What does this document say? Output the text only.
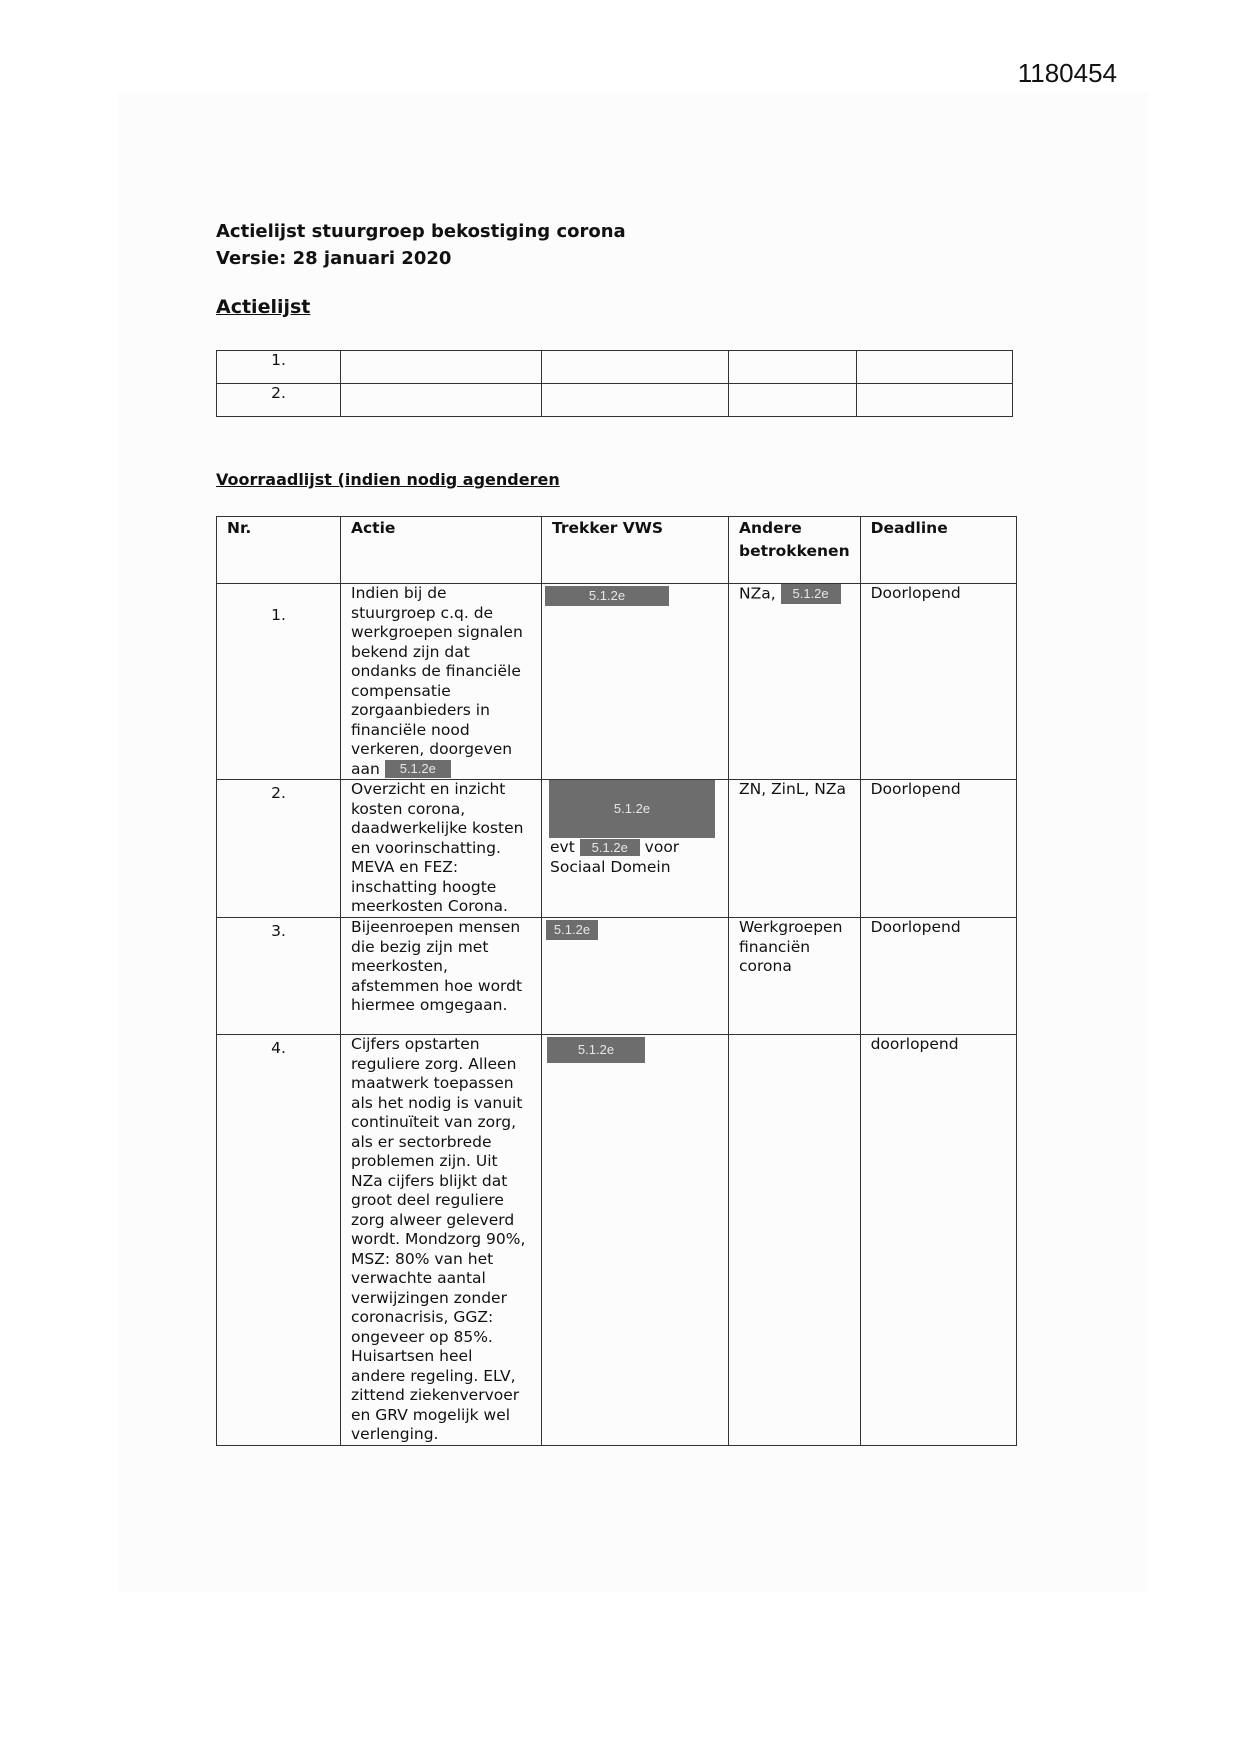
1180454
Actielijst stuurgroep bekostiging corona
Versie: 28 januari 2020
Actielijst
1.				
2.				
Voorraadlijst (indien nodig agenderen
Nr.	Actie	Trekker VWS	Andere betrokkenen	Deadline
1.	Indien bij de stuurgroep c.q. de werkgroepen signalen bekend zijn dat ondanks de financiële compensatie zorgaanbieders in financiële nood verkeren, doorgeven aan 5.1.2e	5.1.2e	NZa, 5.1.2e	Doorlopend
2.	Overzicht en inzicht kosten corona, daadwerkelijke kosten en voorinschatting. MEVA en FEZ: inschatting hoogte meerkosten Corona.	5.1.2e
evt 5.1.2e voor
Sociaal Domein	ZN, ZinL, NZa	Doorlopend
3.	Bijeenroepen mensen die bezig zijn met meerkosten, afstemmen hoe wordt hiermee omgegaan.	5.1.2e	Werkgroepen financiën corona	Doorlopend
4.	Cijfers opstarten reguliere zorg. Alleen maatwerk toepassen als het nodig is vanuit continuïteit van zorg, als er sectorbrede problemen zijn. Uit NZa cijfers blijkt dat groot deel reguliere zorg alweer geleverd wordt. Mondzorg 90%, MSZ: 80% van het verwachte aantal verwijzingen zonder coronacrisis, GGZ: ongeveer op 85%. Huisartsen heel andere regeling. ELV, zittend ziekenvervoer en GRV mogelijk wel verlenging.	5.1.2e		doorlopend
